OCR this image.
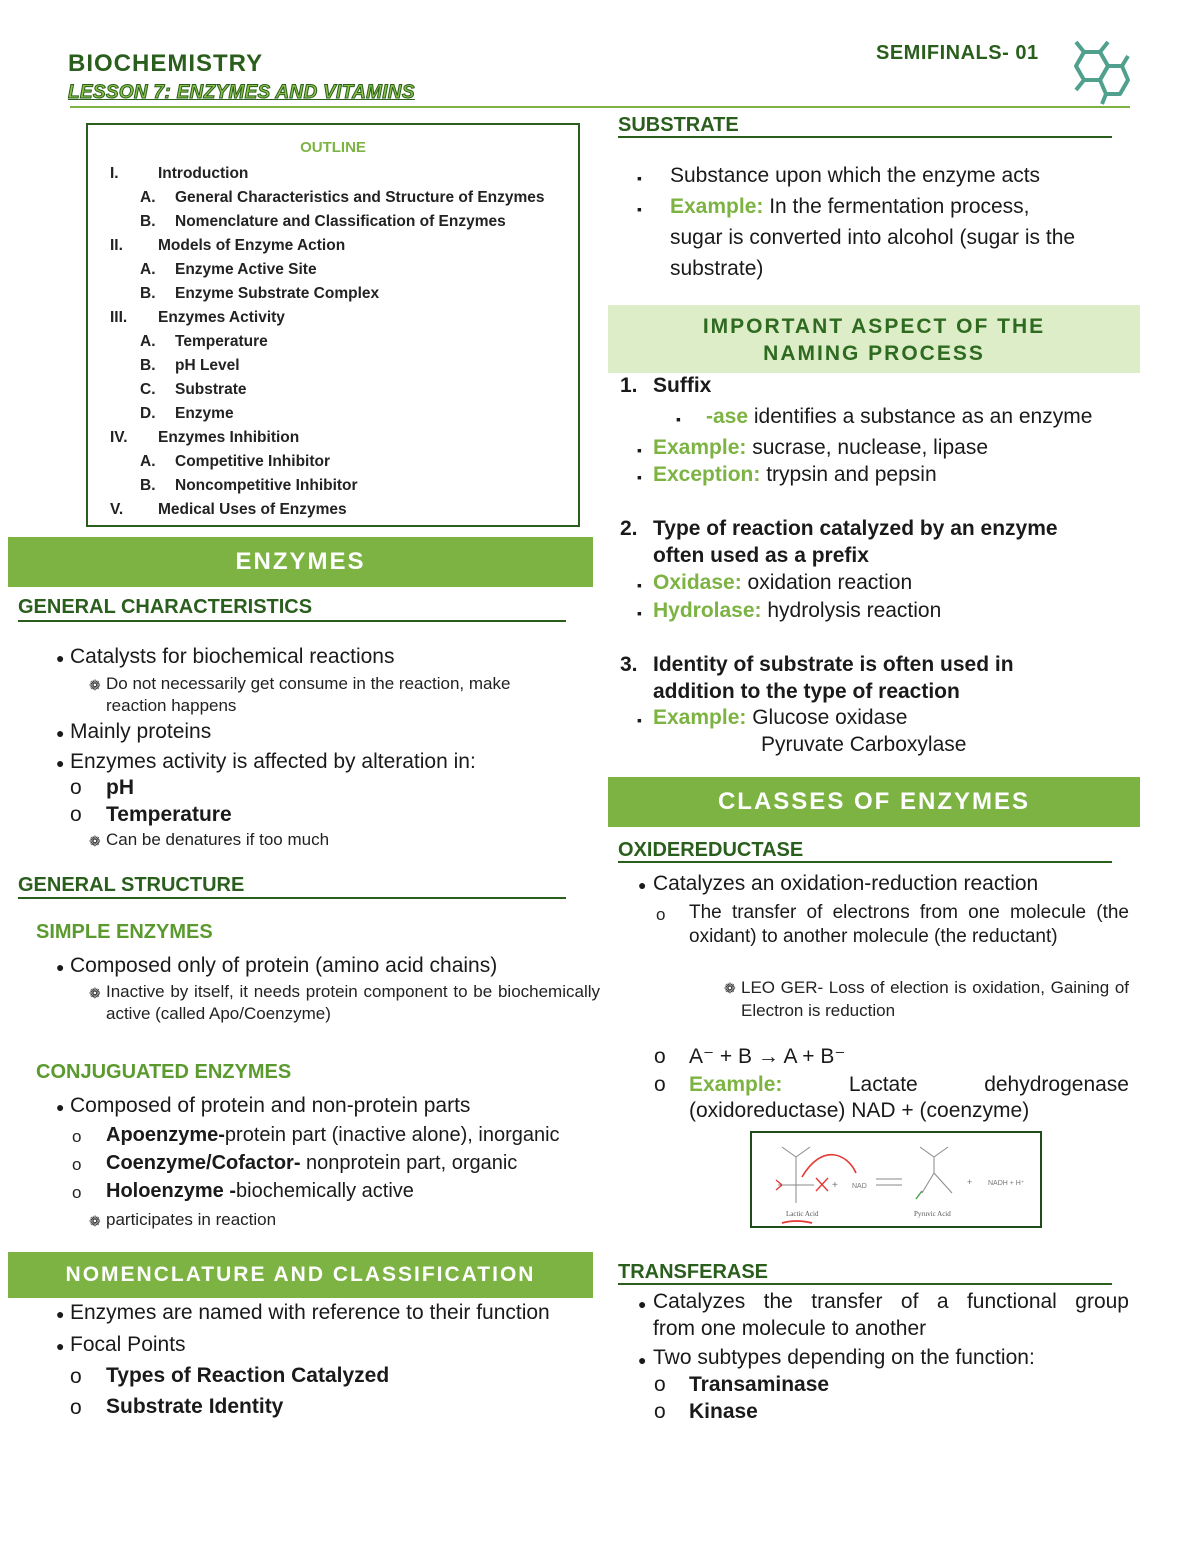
BIOCHEMISTRY
LESSON 7: ENZYMES AND VITAMINS
SEMIFINALS- 01
OUTLINE
I.	Introduction
A. General Characteristics and Structure of Enzymes
B. Nomenclature and Classification of Enzymes
II. Models of Enzyme Action
A. Enzyme Active Site
B. Enzyme Substrate Complex
III. Enzymes Activity
A. Temperature
B. pH Level
C. Substrate
D. Enzyme
IV. Enzymes Inhibition
A. Competitive Inhibitor
B. Noncompetitive Inhibitor
V. Medical Uses of Enzymes
ENZYMES
GENERAL CHARACTERISTICS
● Catalysts for biochemical reactions
❁ Do not necessarily get consume in the reaction, make
reaction happens
● Mainly proteins
● Enzymes activity is affected by alteration in:
o pH
o Temperature
❁ Can be denatures if too much
GENERAL STRUCTURE
SIMPLE ENZYMES
● Composed only of protein (amino acid chains)
❁ Inactive by itself, it needs protein component to be biochemically active (called Apo/Coenzyme)
CONJUGUATED ENZYMES
● Composed of protein and non-protein parts
o Apoenzyme-protein part (inactive alone), inorganic
o Coenzyme/Cofactor- nonprotein part, organic
o Holoenzyme -biochemically active
❁ participates in reaction
NOMENCLATURE AND CLASSIFICATION
● Enzymes are named with reference to their function
● Focal Points
o Types of Reaction Catalyzed
o Substrate Identity
SUBSTRATE
▪ Substance upon which the enzyme acts
▪ Example: In the fermentation process,
sugar is converted into alcohol (sugar is the
substrate)
IMPORTANT ASPECT OF THE
NAMING PROCESS
1. Suffix
▪ -ase identifies a substance as an enzyme
▪ Example: sucrase, nuclease, lipase
▪ Exception: trypsin and pepsin
2. Type of reaction catalyzed by an enzyme
often used as a prefix
▪ Oxidase: oxidation reaction
▪ Hydrolase: hydrolysis reaction
3. Identity of substrate is often used in
addition to the type of reaction
▪ Example: Glucose oxidase
Pyruvate Carboxylase
CLASSES OF ENZYMES
OXIDEREDUCTASE
● Catalyzes an oxidation-reduction reaction
o The transfer of electrons from one molecule (the oxidant) to another molecule (the reductant)
❁ LEO GER- Loss of election is oxidation, Gaining of Electron is reduction
o A⁻ + B → A + B⁻
o Example:	Lactate dehydrogenase (oxidoreductase) NAD + (coenzyme)
+ NAD	+ NADH + H⁺
Lactic Acid	Pyruvic Acid
TRANSFERASE
● Catalyzes the transfer of a functional group
from one molecule to another
● Two subtypes depending on the function:
o Transaminase
o Kinase
